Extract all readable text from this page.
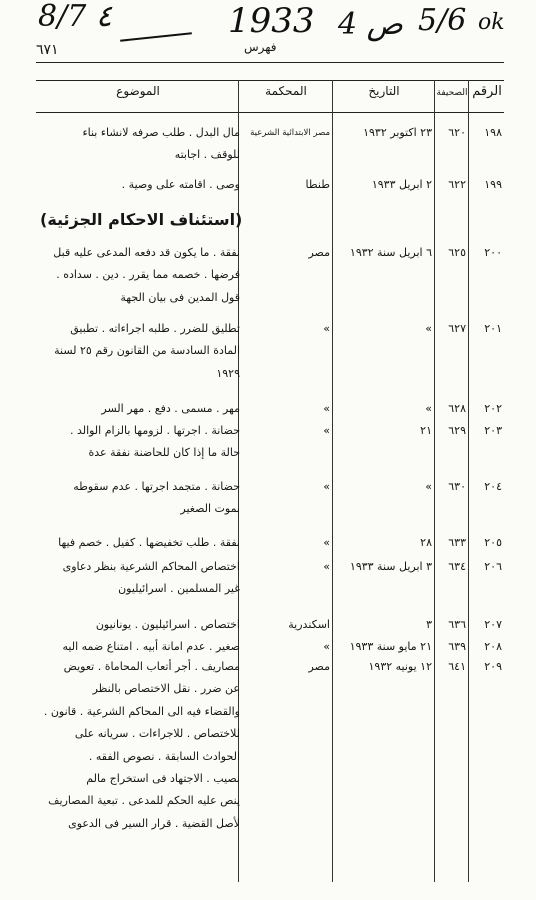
8/7 ٤	1933 4 ص 5/6 ok
٦٧١	فهرس
الرقم
الصحيفة
التاريخ
المحكمة
الموضوع
(استئناف الاحكام الجزئية)
١٩٨
٦٢٠
٢٣ اكتوبر ١٩٣٢
مصر الابتدائية الشرعية
مال البدل . طلب صرفه لانشاء بناء
للوقف . اجابته
١٩٩
٦٢٢
٢ ابريل ١٩٣٣
طنطا
وصى . اقامته على وصية .
٢٠٠
٦٢٥
٦ ابريل سنة ١٩٣٢
مصر
نفقة . ما يكون قد دفعه المدعى عليه قبل
فرضها . خصمه مما يقرر . دين . سداده .
قول المدين فى بيان الجهة
٢٠١
٦٢٧
»
»
تطليق للضرر . طلبه اجراءاته . تطبيق
المادة السادسة من القانون رقم ٢٥ لسنة
١٩٢٩
٢٠٢
٦٢٨
»
»
مهر . مسمى . دفع . مهر السر
٢٠٣
٦٢٩
٢١
»
حضانة . اجرتها . لزومها بالزام الوالد .
حالة ما إذا كان للحاضنة نفقة عدة
٢٠٤
٦٣٠
»
»
حضانة . متجمد اجرتها . عدم سقوطه
بموت الصغير
٢٠٥
٦٣٣
٢٨
»
نفقة . طلب تخفيضها . كفيل . خصم فيها
٢٠٦
٦٣٤
٣ ابريل سنة ١٩٣٣
»
اختصاص المحاكم الشرعية بنظر دعاوى
غير المسلمين . اسرائيليون
٢٠٧
٦٣٦
٣
اسكندرية
اختصاص . اسرائيليون . يونانيون
٢٠٨
٦٣٩
٢١ مايو سنة ١٩٣٣
»
صغير . عدم امانة أبيه . امتناع ضمه اليه
٢٠٩
٦٤١
١٢ يونيه ١٩٣٢
مصر
مصاريف . أجر أتعاب المحاماة . تعويض
عن ضرر . نقل الاختصاص بالنظر
والقضاء فيه الى المحاكم الشرعية . قانون .
للاختصاص . للاجراءات . سريانه على
الحوادث السابقة . نصوص الفقه .
نصيب . الاجتهاد فى استخراج مالم
ينص عليه الحكم للمدعى . تبعية المصاريف
لأصل القضية . قرار السير فى الدعوى
